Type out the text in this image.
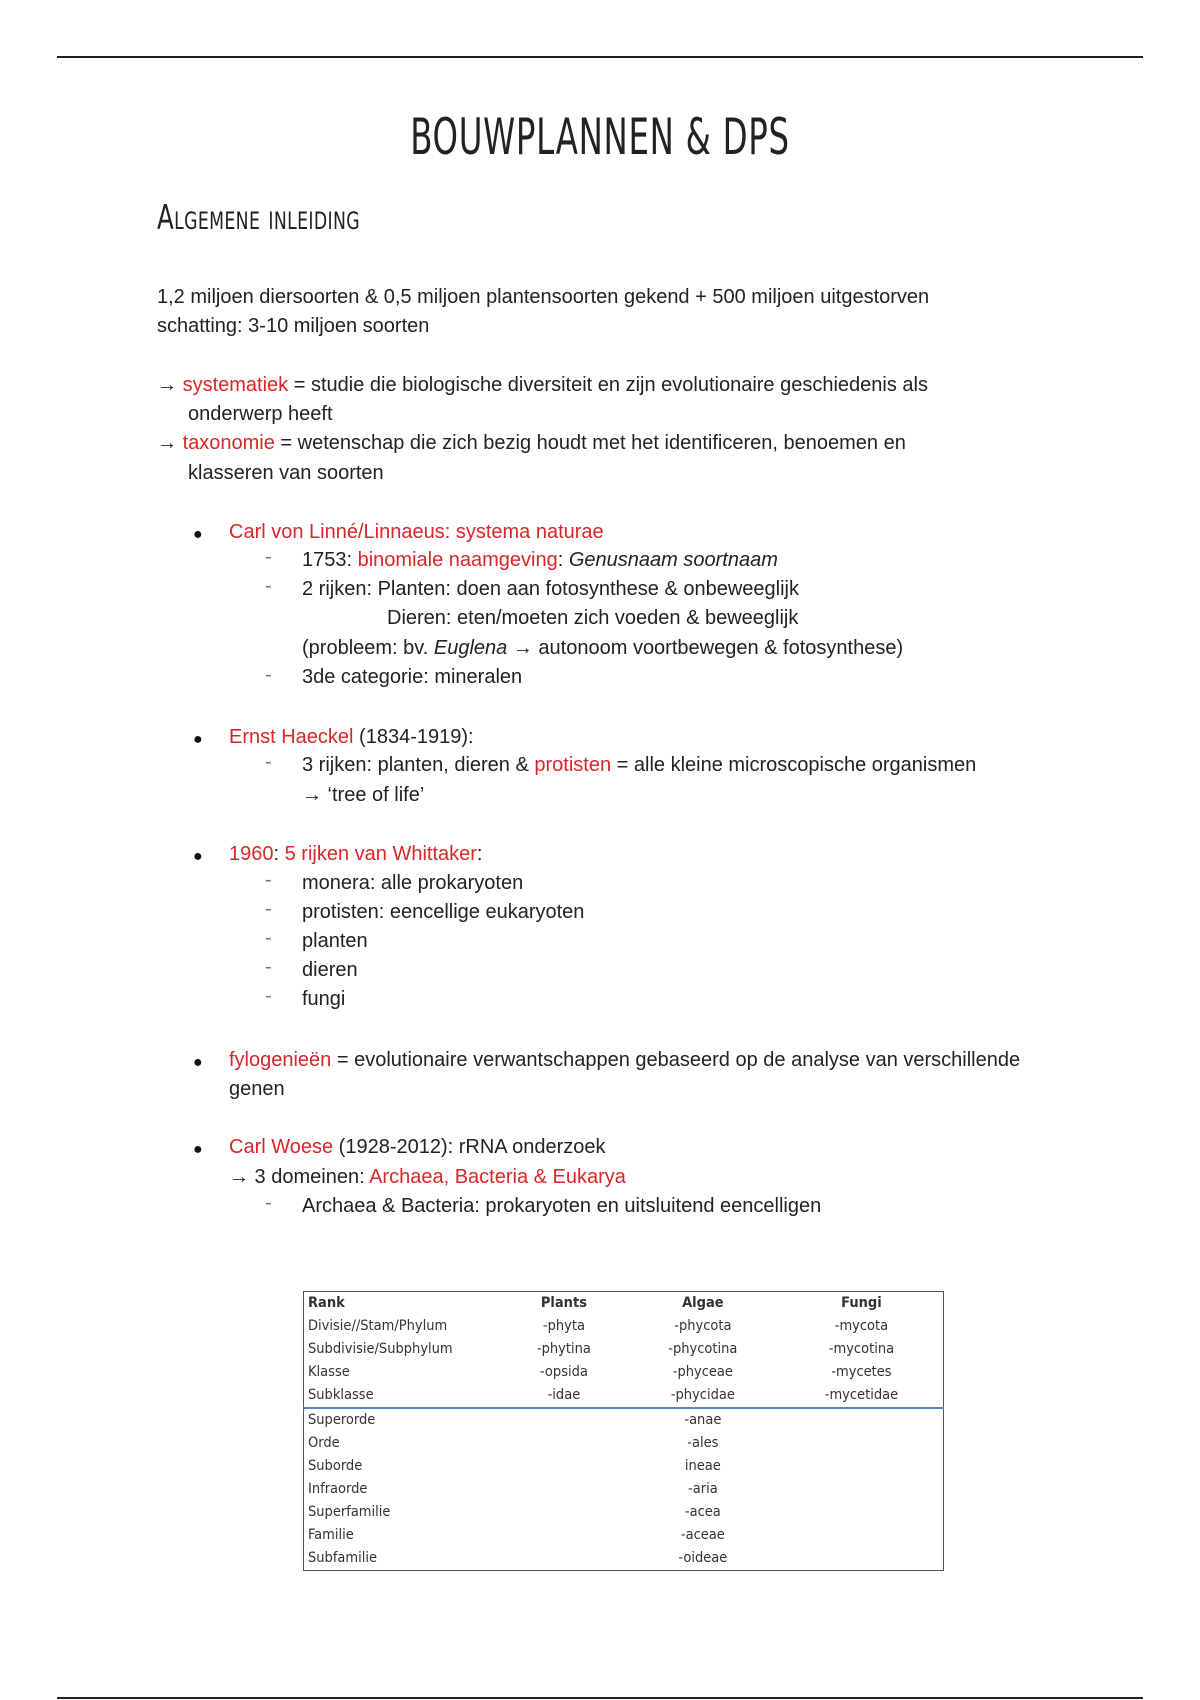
BOUWPLANNEN & DPS
Algemene inleiding
1,2 miljoen diersoorten & 0,5 miljoen plantensoorten gekend + 500 miljoen uitgestorven
schatting: 3-10 miljoen soorten
→ systematiek = studie die biologische diversiteit en zijn evolutionaire geschiedenis als
onderwerp heeft
→ taxonomie = wetenschap die zich bezig houdt met het identificeren, benoemen en
klasseren van soorten
● Carl von Linné/Linnaeus: systema naturae
- 1753: binomiale naamgeving: Genusnaam soortnaam
- 2 rijken: Planten: doen aan fotosynthese & onbeweeglijk
Dieren: eten/moeten zich voeden & beweeglijk
(probleem: bv. Euglena → autonoom voortbewegen & fotosynthese)
- 3de categorie: mineralen
● Ernst Haeckel (1834-1919):
- 3 rijken: planten, dieren & protisten = alle kleine microscopische organismen
→ ‘tree of life’
● 1960: 5 rijken van Whittaker:
- monera: alle prokaryoten
- protisten: eencellige eukaryoten
- planten
- dieren
- fungi
● fylogenieën = evolutionaire verwantschappen gebaseerd op de analyse van verschillende
genen
● Carl Woese (1928-2012): rRNA onderzoek
→ 3 domeinen: Archaea, Bacteria & Eukarya
- Archaea & Bacteria: prokaryoten en uitsluitend eencelligen
Rank	Plants	Algae	Fungi
Divisie//Stam/Phylum	-phyta	-phycota	-mycota
Subdivisie/Subphylum	-phytina	-phycotina	-mycotina
Klasse	-opsida	-phyceae	-mycetes
Subklasse	-idae	-phycidae	-mycetidae
Superorde		-anae	
Orde		-ales	
Suborde		ineae	
Infraorde		-aria	
Superfamilie		-acea	
Familie		-aceae	
Subfamilie		-oideae	
